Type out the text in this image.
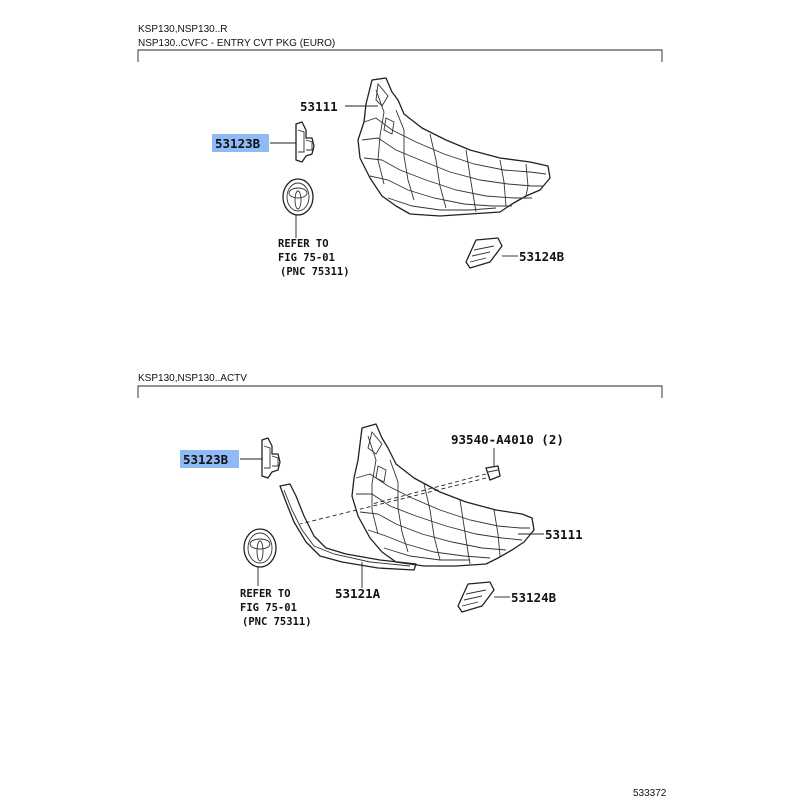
KSP130,NSP130..R
NSP130..CVFC - ENTRY CVT PKG (EURO)
53111
53123B
REFER TO
FIG 75-01
(PNC 75311)
53124B
KSP130,NSP130..ACTV
53111
93540-A4010 (2)
53123B
53121A
REFER TO
FIG 75-01
(PNC 75311)
53124B
533372
